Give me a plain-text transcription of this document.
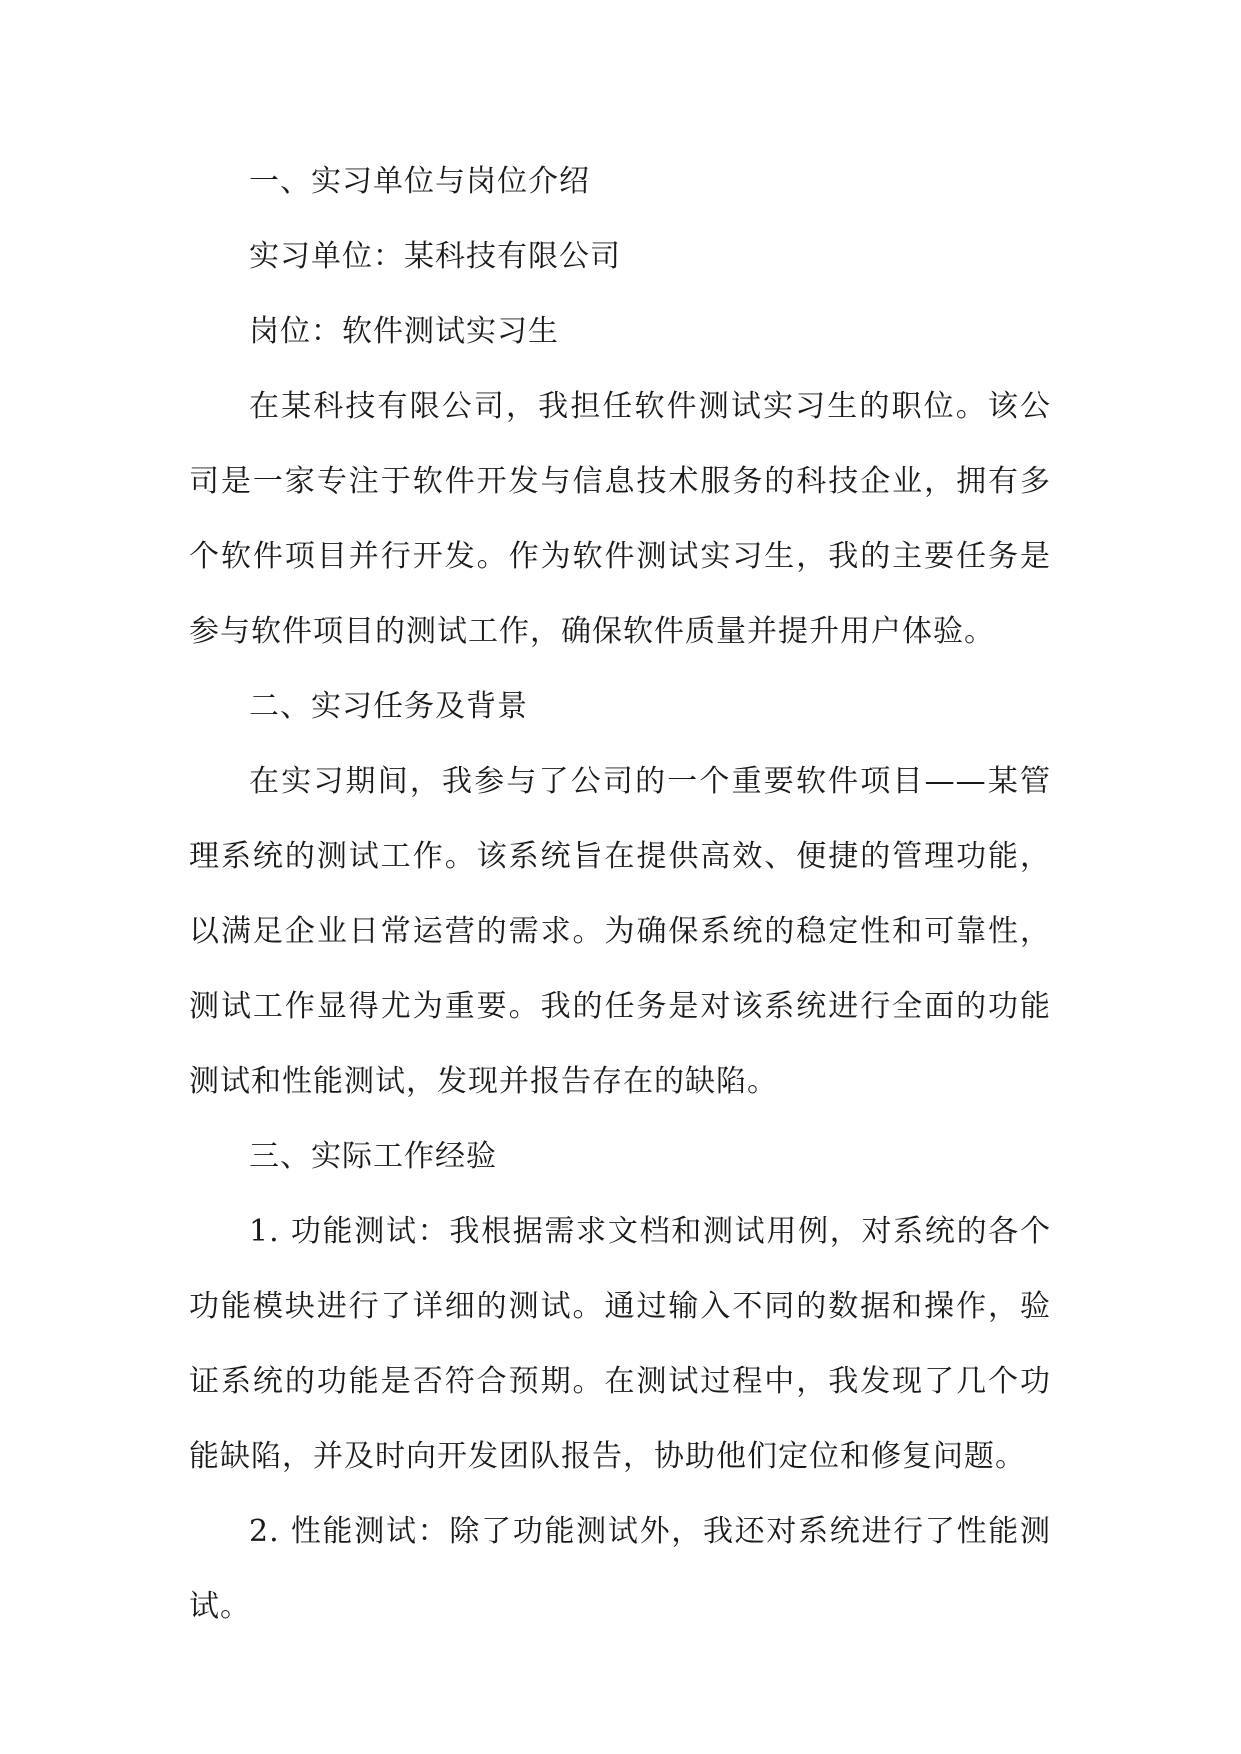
一、实习单位与岗位介绍

实习单位：某科技有限公司

岗位：软件测试实习生

在某科技有限公司，我担任软件测试实习生的职位。该公司是一家专注于软件开发与信息技术服务的科技企业，拥有多个软件项目并行开发。作为软件测试实习生，我的主要任务是参与软件项目的测试工作，确保软件质量并提升用户体验。

二、实习任务及背景

在实习期间，我参与了公司的一个重要软件项目——某管理系统的测试工作。该系统旨在提供高效、便捷的管理功能，以满足企业日常运营的需求。为确保系统的稳定性和可靠性，测试工作显得尤为重要。我的任务是对该系统进行全面的功能测试和性能测试，发现并报告存在的缺陷。

三、实际工作经验

1. 功能测试：我根据需求文档和测试用例，对系统的各个功能模块进行了详细的测试。通过输入不同的数据和操作，验证系统的功能是否符合预期。在测试过程中，我发现了几个功能缺陷，并及时向开发团队报告，协助他们定位和修复问题。

2. 性能测试：除了功能测试外，我还对系统进行了性能测试。
